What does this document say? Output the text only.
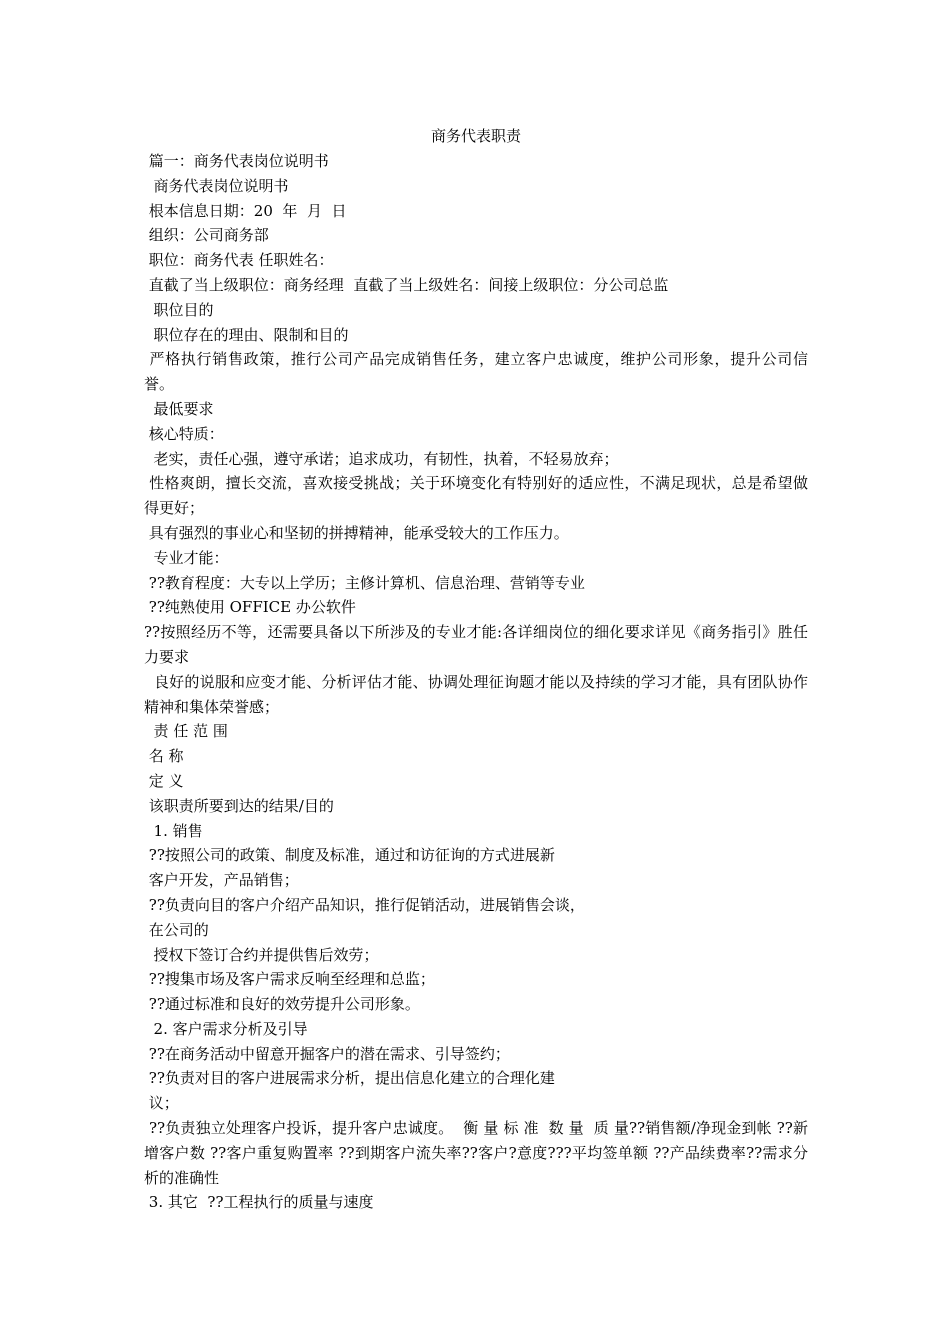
商务代表职责
篇一：商务代表岗位说明书
商务代表岗位说明书
根本信息日期：20  年  月  日
组织：公司商务部
职位：商务代表 任职姓名：
直截了当上级职位：商务经理  直截了当上级姓名：间接上级职位：分公司总监
职位目的
职位存在的理由、限制和目的
严格执行销售政策，推行公司产品完成销售任务，建立客户忠诚度，维护公司形象，提升公司信誉。
最低要求
核心特质：
老实，责任心强，遵守承诺；追求成功，有韧性，执着，不轻易放弃；
性格爽朗，擅长交流，喜欢接受挑战；关于环境变化有特别好的适应性，不满足现状，总是希望做得更好；
具有强烈的事业心和坚韧的拼搏精神，能承受较大的工作压力。
专业才能：
??教育程度：大专以上学历；主修计算机、信息治理、营销等专业
??纯熟使用 OFFICE 办公软件
??按照经历不等，还需要具备以下所涉及的专业才能:各详细岗位的细化要求详见《商务指引》胜任力要求
良好的说服和应变才能、分析评估才能、协调处理征询题才能以及持续的学习才能，具有团队协作精神和集体荣誉感；
责 任 范 围
名 称
定 义
该职责所要到达的结果/目的
1. 销售
??按照公司的政策、制度及标准，通过和访征询的方式进展新
客户开发，产品销售；
??负责向目的客户介绍产品知识，推行促销活动，进展销售会谈，
在公司的
授权下签订合约并提供售后效劳；
??搜集市场及客户需求反响至经理和总监；
??通过标准和良好的效劳提升公司形象。
2. 客户需求分析及引导
??在商务活动中留意开掘客户的潜在需求、引导签约；
??负责对目的客户进展需求分析，提出信息化建立的合理化建
议；
??负责独立处理客户投诉，提升客户忠诚度。  衡 量 标 准  数 量  质 量??销售额/净现金到帐 ??新增客户数 ??客户重复购置率 ??到期客户流失率??客户?意度???平均签单额 ??产品续费率??需求分析的准确性
3. 其它  ??工程执行的质量与速度
